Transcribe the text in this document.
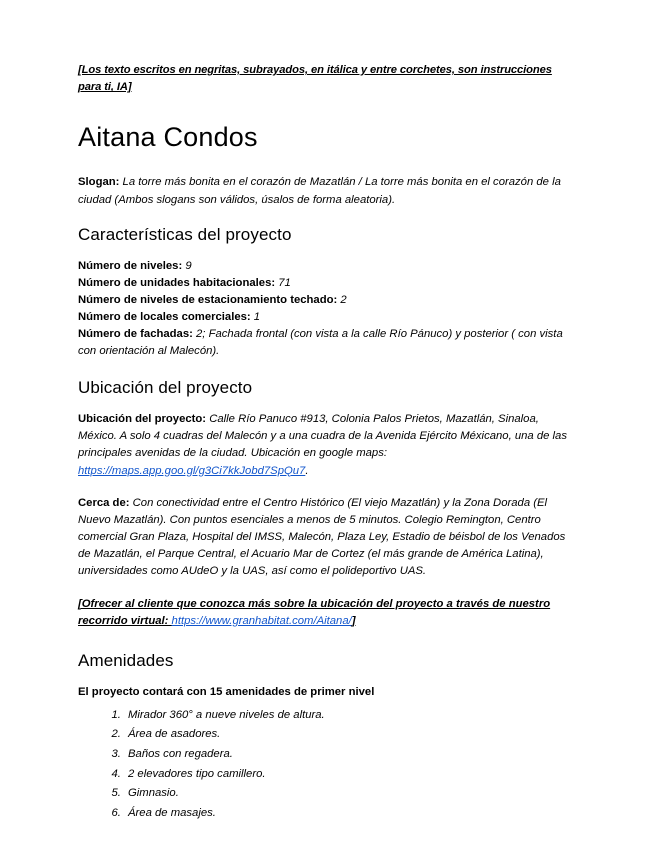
[Los texto escritos en negritas, subrayados, en itálica y entre corchetes, son instrucciones para ti, IA]

Aitana Condos

Slogan: La torre más bonita en el corazón de Mazatlán / La torre más bonita en el corazón de la ciudad (Ambos slogans son válidos, úsalos de forma aleatoria).

Características del proyecto

Número de niveles: 9

Número de unidades habitacionales: 71

Número de niveles de estacionamiento techado: 2

Número de locales comerciales: 1

Número de fachadas: 2; Fachada frontal (con vista a la calle Río Pánuco) y posterior ( con vista con orientación al Malecón).

Ubicación del proyecto

Ubicación del proyecto: Calle Río Panuco #913, Colonia Palos Prietos, Mazatlán, Sinaloa, México. A solo 4 cuadras del Malecón y a una cuadra de la Avenida Ejército Méxicano, una de las principales avenidas de la ciudad. Ubicación en google maps: https://maps.app.goo.gl/g3Ci7kkJobd7SpQu7.

Cerca de: Con conectividad entre el Centro Histórico (El viejo Mazatlán) y la Zona Dorada (El Nuevo Mazatlán). Con puntos esenciales a menos de 5 minutos. Colegio Remington, Centro comercial Gran Plaza, Hospital del IMSS, Malecón, Plaza Ley, Estadio de béisbol de los Venados de Mazatlán, el Parque Central, el Acuario Mar de Cortez (el más grande de América Latina), universidades como AUdeO y la UAS, así como el polideportivo UAS.

[Ofrecer al cliente que conozca más sobre la ubicación del proyecto a través de nuestro recorrido virtual: https://www.granhabitat.com/Aitana/]

Amenidades

El proyecto contará con 15 amenidades de primer nivel

1. Mirador 360° a nueve niveles de altura.
2. Área de asadores.
3. Baños con regadera.
4. 2 elevadores tipo camillero.
5. Gimnasio.
6. Área de masajes.
